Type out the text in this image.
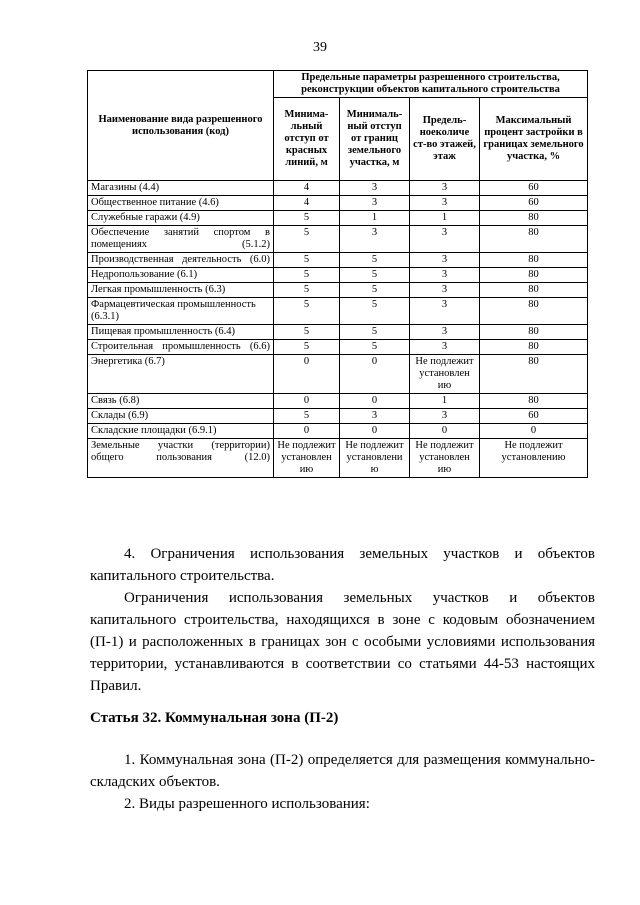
39
Наименование вида разрешенного использования (код)	Предельные параметры разрешенного строительства, реконструкции объектов капитального строительства			
	Минима-льный отступ от красных линий, м	Минималь-ный отступ от границ земельного участка, м	Предель-ноеколиче ст-во этажей, этаж	Максимальный процент застройки в границах земельного участка, %
Магазины (4.4)	4	3	3	60
Общественное питание (4.6)	4	3	3	60
Служебные гаражи (4.9)	5	1	1	80
Обеспечение занятий спортом в помещениях (5.1.2)	5	3	3	80
Производственная деятельность (6.0)	5	5	3	80
Недропользование (6.1)	5	5	3	80
Легкая промышленность (6.3)	5	5	3	80
Фармацевтическая промышленность (6.3.1)	5	5	3	80
Пищевая промышленность (6.4)	5	5	3	80
Строительная промышленность (6.6)	5	5	3	80
Энергетика (6.7)	0	0	Не подлежит установлен ию	80
Связь (6.8)	0	0	1	80
Склады (6.9)	5	3	3	60
Складские площадки (6.9.1)	0	0	0	0
Земельные участки (территории) общего пользования (12.0)	Не подлежит установлен ию	Не подлежит установлени ю	Не подлежит установлен ию	Не подлежит установлению

4. Ограничения использования земельных участков и объектов капитального строительства.

Ограничения использования земельных участков и объектов капитального строительства, находящихся в зоне с кодовым обозначением (П-1) и расположенных в границах зон с особыми условиями использования территории, устанавливаются в соответствии со статьями 44-53 настоящих Правил.

Статья 32. Коммунальная зона (П-2)

1. Коммунальная зона (П-2) определяется для размещения коммунально-складских объектов.

2. Виды разрешенного использования:
